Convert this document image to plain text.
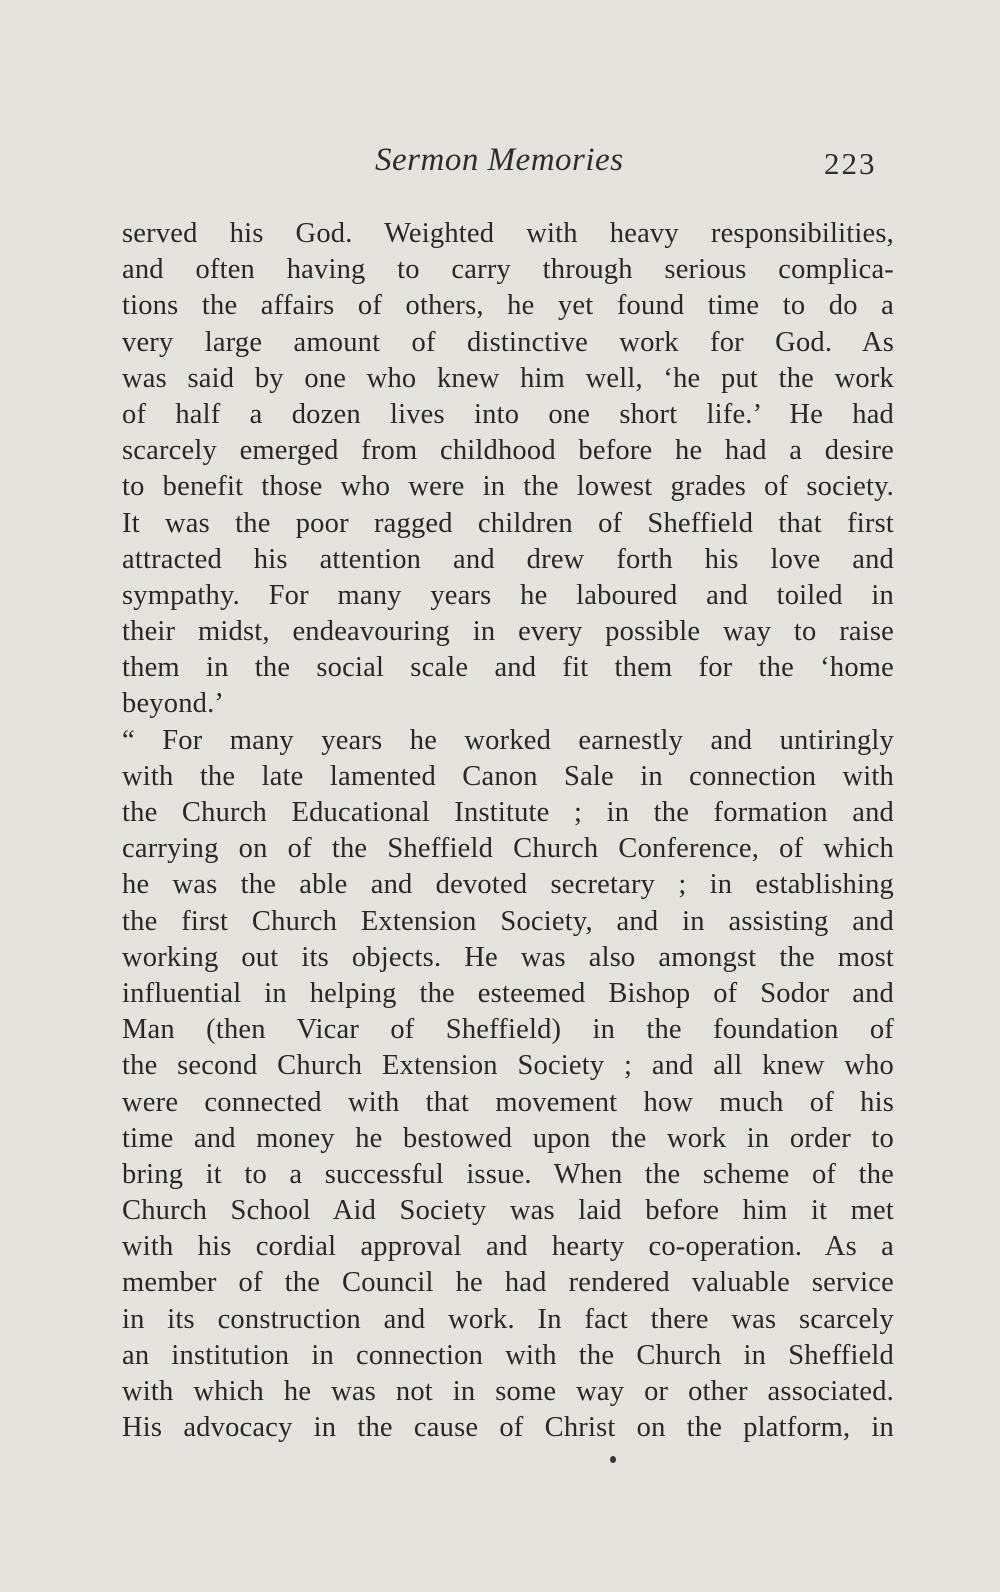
Sermon Memories	223
served his God. Weighted with heavy responsibilities,
and often having to carry through serious complica-
tions the affairs of others, he yet found time to do a
very large amount of distinctive work for God. As
was said by one who knew him well, ‘he put the work
of half a dozen lives into one short life.’ He had
scarcely emerged from childhood before he had a desire
to benefit those who were in the lowest grades of society.
It was the poor ragged children of Sheffield that first
attracted his attention and drew forth his love and
sympathy. For many years he laboured and toiled in
their midst, endeavouring in every possible way to raise
them in the social scale and fit them for the ‘home
beyond.’
“ For many years he worked earnestly and untiringly
with the late lamented Canon Sale in connection with
the Church Educational Institute ; in the formation and
carrying on of the Sheffield Church Conference, of which
he was the able and devoted secretary ; in establishing
the first Church Extension Society, and in assisting and
working out its objects. He was also amongst the most
influential in helping the esteemed Bishop of Sodor and
Man (then Vicar of Sheffield) in the foundation of
the second Church Extension Society ; and all knew who
were connected with that movement how much of his
time and money he bestowed upon the work in order to
bring it to a successful issue. When the scheme of the
Church School Aid Society was laid before him it met
with his cordial approval and hearty co-operation. As a
member of the Council he had rendered valuable service
in its construction and work. In fact there was scarcely
an institution in connection with the Church in Sheffield
with which he was not in some way or other associated.
His advocacy in the cause of Christ on the platform, in
